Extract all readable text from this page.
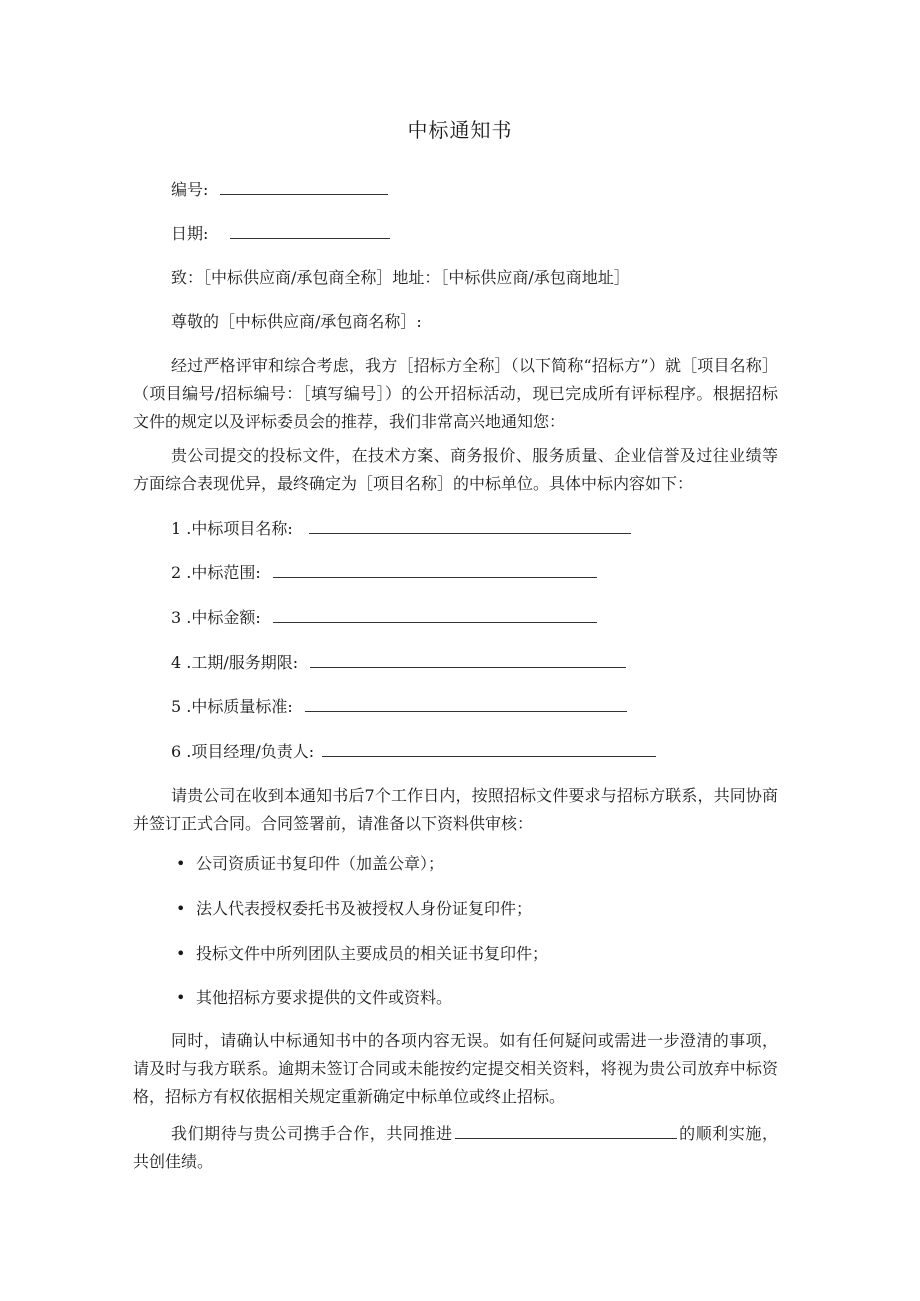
中标通知书
编号:
日期:
致：［中标供应商/承包商全称］地址：［中标供应商/承包商地址］
尊敬的［中标供应商/承包商名称］:
经过严格评审和综合考虑，我方［招标方全称］（以下简称“招标方”）就［项目名称］（项目编号/招标编号：［填写编号］）的公开招标活动，现已完成所有评标程序。根据招标文件的规定以及评标委员会的推荐，我们非常高兴地通知您：
贵公司提交的投标文件，在技术方案、商务报价、服务质量、企业信誉及过往业绩等方面综合表现优异，最终确定为［项目名称］的中标单位。具体中标内容如下：
1 .中标项目名称:
2 .中标范围:
3 .中标金额:
4 .工期/服务期限:
5 .中标质量标准:
6 .项目经理/负责人:
请贵公司在收到本通知书后7个工作日内，按照招标文件要求与招标方联系，共同协商并签订正式合同。合同签署前，请准备以下资料供审核：
• 公司资质证书复印件（加盖公章）；
• 法人代表授权委托书及被授权人身份证复印件；
• 投标文件中所列团队主要成员的相关证书复印件；
• 其他招标方要求提供的文件或资料。
同时，请确认中标通知书中的各项内容无误。如有任何疑问或需进一步澄清的事项，请及时与我方联系。逾期未签订合同或未能按约定提交相关资料，将视为贵公司放弃中标资格，招标方有权依据相关规定重新确定中标单位或终止招标。
我们期待与贵公司携手合作，共同推进	的顺利实施，共创佳绩。
